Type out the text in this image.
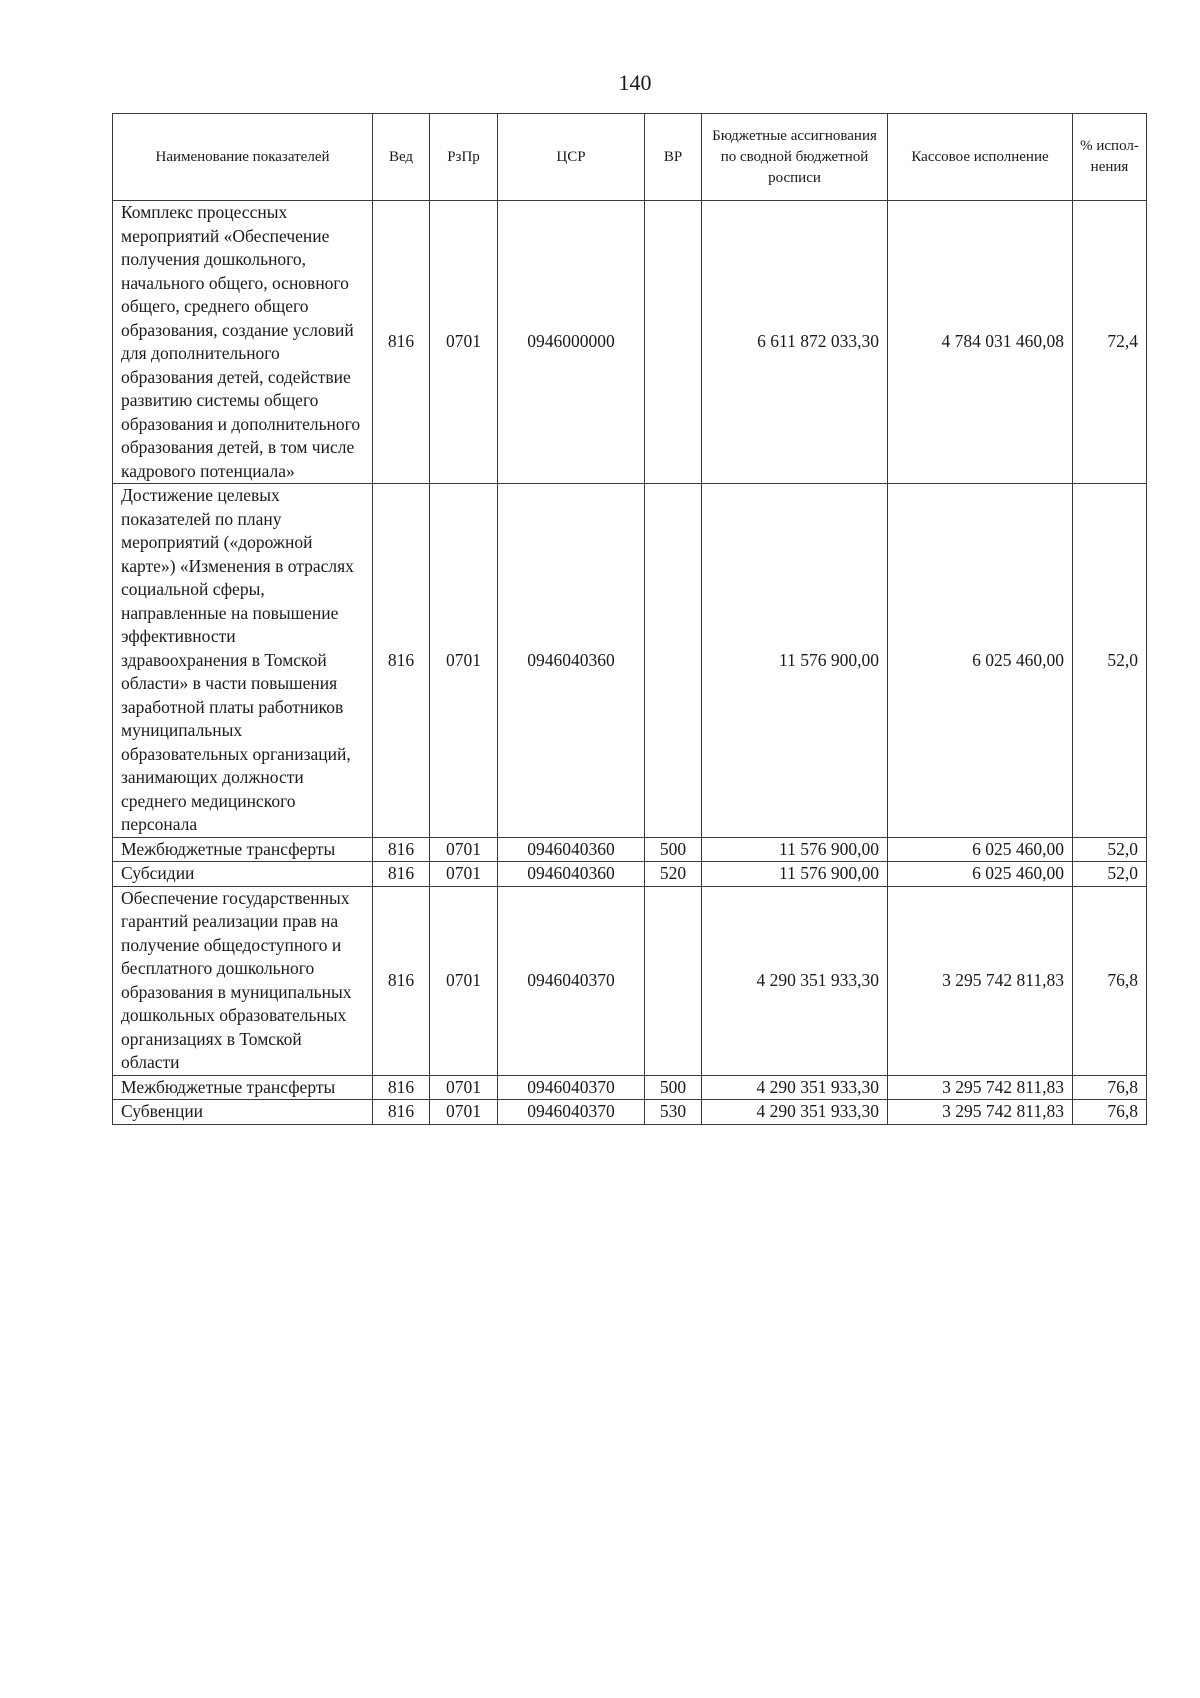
140
Наименование показателей	Вед	РзПр	ЦСР	ВР	Бюджетные ассигнования по сводной бюджетной росписи	Кассовое исполнение	% испол-нения
Комплекс процессных мероприятий «Обеспечение получения дошкольного, начального общего, основного общего, среднего общего образования, создание условий для дополнительного образования детей, содействие развитию системы общего образования и дополнительного образования детей, в том числе кадрового потенциала»	816	0701	0946000000		6 611 872 033,30	4 784 031 460,08	72,4
Достижение целевых показателей по плану мероприятий («дорожной карте») «Изменения в отраслях социальной сферы, направленные на повышение эффективности здравоохранения в Томской области» в части повышения заработной платы работников муниципальных образовательных организаций, занимающих должности среднего медицинского персонала	816	0701	0946040360		11 576 900,00	6 025 460,00	52,0
Межбюджетные трансферты	816	0701	0946040360	500	11 576 900,00	6 025 460,00	52,0
Субсидии	816	0701	0946040360	520	11 576 900,00	6 025 460,00	52,0
Обеспечение государственных гарантий реализации прав на получение общедоступного и бесплатного дошкольного образования в муниципальных дошкольных образовательных организациях в Томской области	816	0701	0946040370		4 290 351 933,30	3 295 742 811,83	76,8
Межбюджетные трансферты	816	0701	0946040370	500	4 290 351 933,30	3 295 742 811,83	76,8
Субвенции	816	0701	0946040370	530	4 290 351 933,30	3 295 742 811,83	76,8
